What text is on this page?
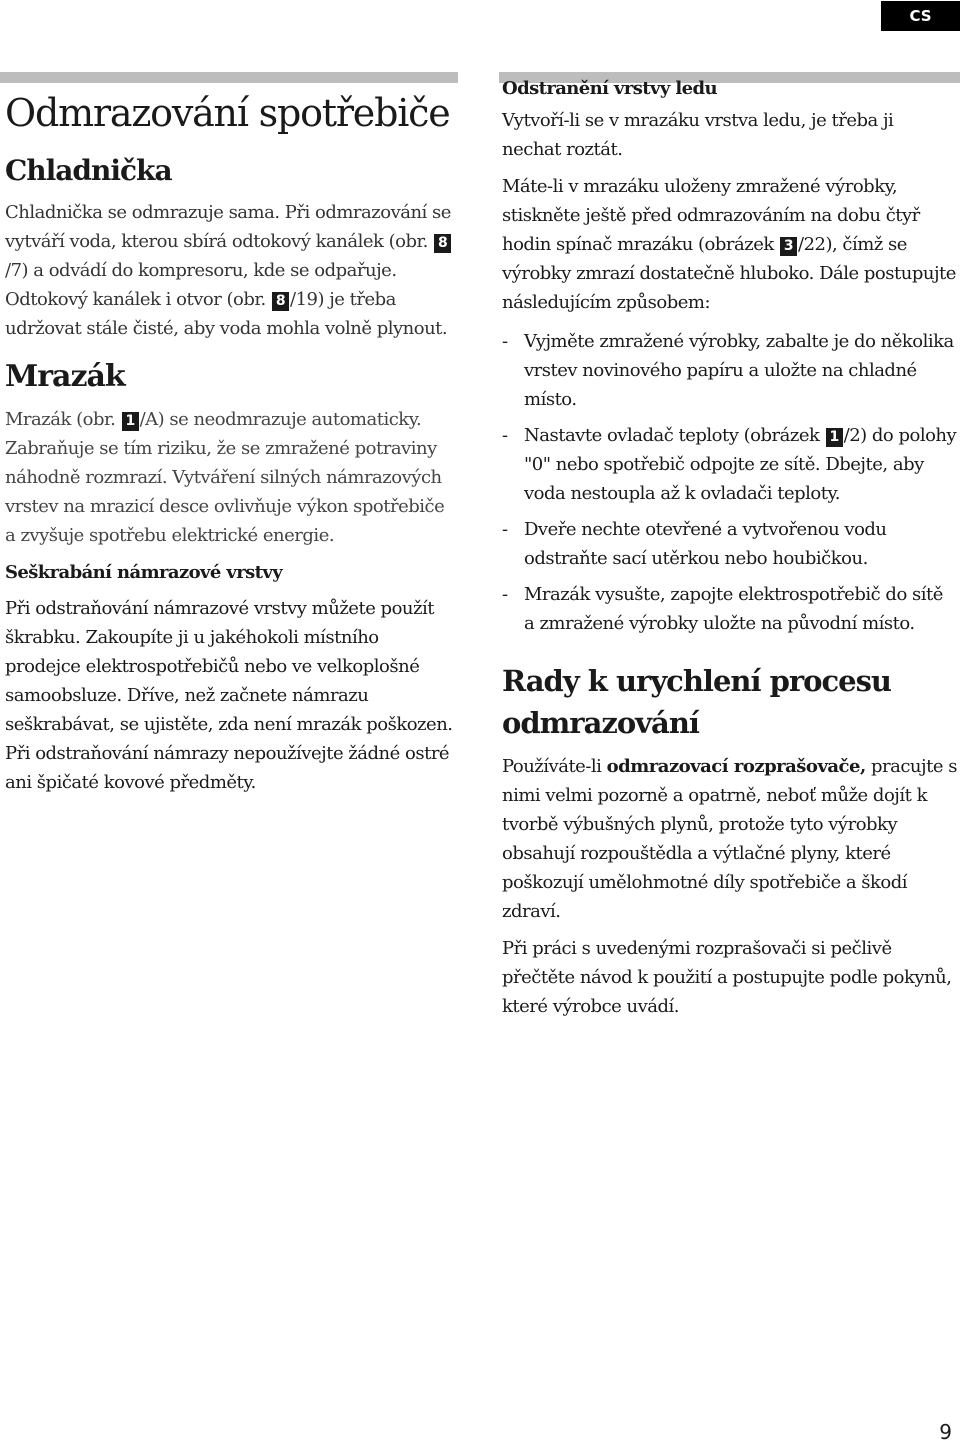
CS
Odmrazování spotřebiče
Chladnička

Chladnička se odmrazuje sama. Při odmrazování se vytváří voda, kterou sbírá odtokový kanálek (obr. 8/7) a odvádí do kompresoru, kde se odpařuje. Odtokový kanálek i otvor (obr. 8 /19) je třeba udržovat stále čisté, aby voda mohla volně plynout.

Mrazák

Mrazák (obr. 1 /A) se neodmrazuje automaticky. Zabraňuje se tím riziku, že se zmražené potraviny náhodně rozmrazí. Vytváření silných námrazových vrstev na mrazicí desce ovlivňuje výkon spotřebiče a zvyšuje spotřebu elektrické energie.

Seškrabání námrazové vrstvy

Při odstraňování námrazové vrstvy můžete použít škrabku. Zakoupíte ji u jakéhokoli místního prodejce elektrospotřebičů nebo ve velkoplošné samoobsluze. Dříve, než začnete námrazu seškrabávat, se ujistěte, zda není mrazák poškozen. Při odstraňování námrazy nepoužívejte žádné ostré ani špičaté kovové předměty.

Odstranění vrstvy ledu

Vytvoří-li se v mrazáku vrstva ledu, je třeba ji nechat roztát.

Máte-li v mrazáku uloženy zmražené výrobky, stiskněte ještě před odmrazováním na dobu čtyř hodin spínač mrazáku (obrázek 3 /22), čímž se výrobky zmrazí dostatečně hluboko. Dále postupujte následujícím způsobem:

- Vyjměte zmražené výrobky, zabalte je do několika vrstev novinového papíru a uložte na chladné místo.
- Nastavte ovladač teploty (obrázek 1 /2) do polohy "0" nebo spotřebič odpojte ze sítě. Dbejte, aby voda nestoupla až k ovladači teploty.
- Dveře nechte otevřené a vytvořenou vodu odstraňte sací utěrkou nebo houbičkou.
- Mrazák vysušte, zapojte elektrospotřebič do sítě a zmražené výrobky uložte na původní místo.
Rady k urychlení procesu odmrazování

Používáte-li odmrazovací rozprašovače, pracujte s nimi velmi pozorně a opatrně, neboť může dojít k tvorbě výbušných plynů, protože tyto výrobky obsahují rozpouštědla a výtlačné plyny, které poškozují umělohmotné díly spotřebiče a škodí zdraví.

Při práci s uvedenými rozprašovači si pečlivě přečtěte návod k použití a postupujte podle pokynů, které výrobce uvádí.

9
